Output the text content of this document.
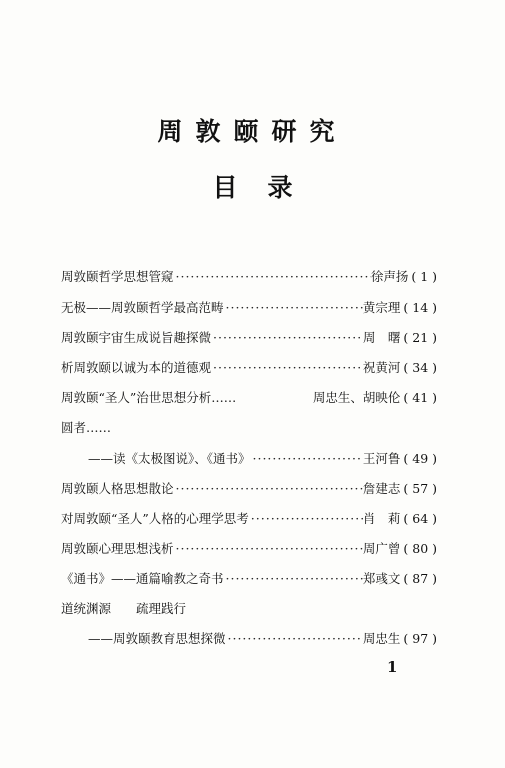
周敦颐研究
目录
周敦颐哲学思想管窥 ·····	徐声扬 ( 1 )
无极——周敦颐哲学最高范畴 ·····	黄宗理 ( 14 )
周敦颐宇宙生成说旨趣探微 ·····	周　曙 ( 21 )
析周敦颐以诚为本的道德观 ·····	祝黄河 ( 34 )
周敦颐“圣人”治世思想分析……	周忠生、胡映伦 ( 41 )
圆者……
——读《太极图说》、《通书》 ·····	王河鲁 ( 49 )
周敦颐人格思想散论 ·····	詹建志 ( 57 )
对周敦颐“圣人”人格的心理学思考 ·····	肖　莉 ( 64 )
周敦颐心理思想浅析 ·····	周广曾 ( 80 )
《通书》——通篇喻教之奇书 ·····	郑彧文 ( 87 )
道统渊源　　疏理践行
——周敦颐教育思想探微 ·····	周忠生 ( 97 )
1
